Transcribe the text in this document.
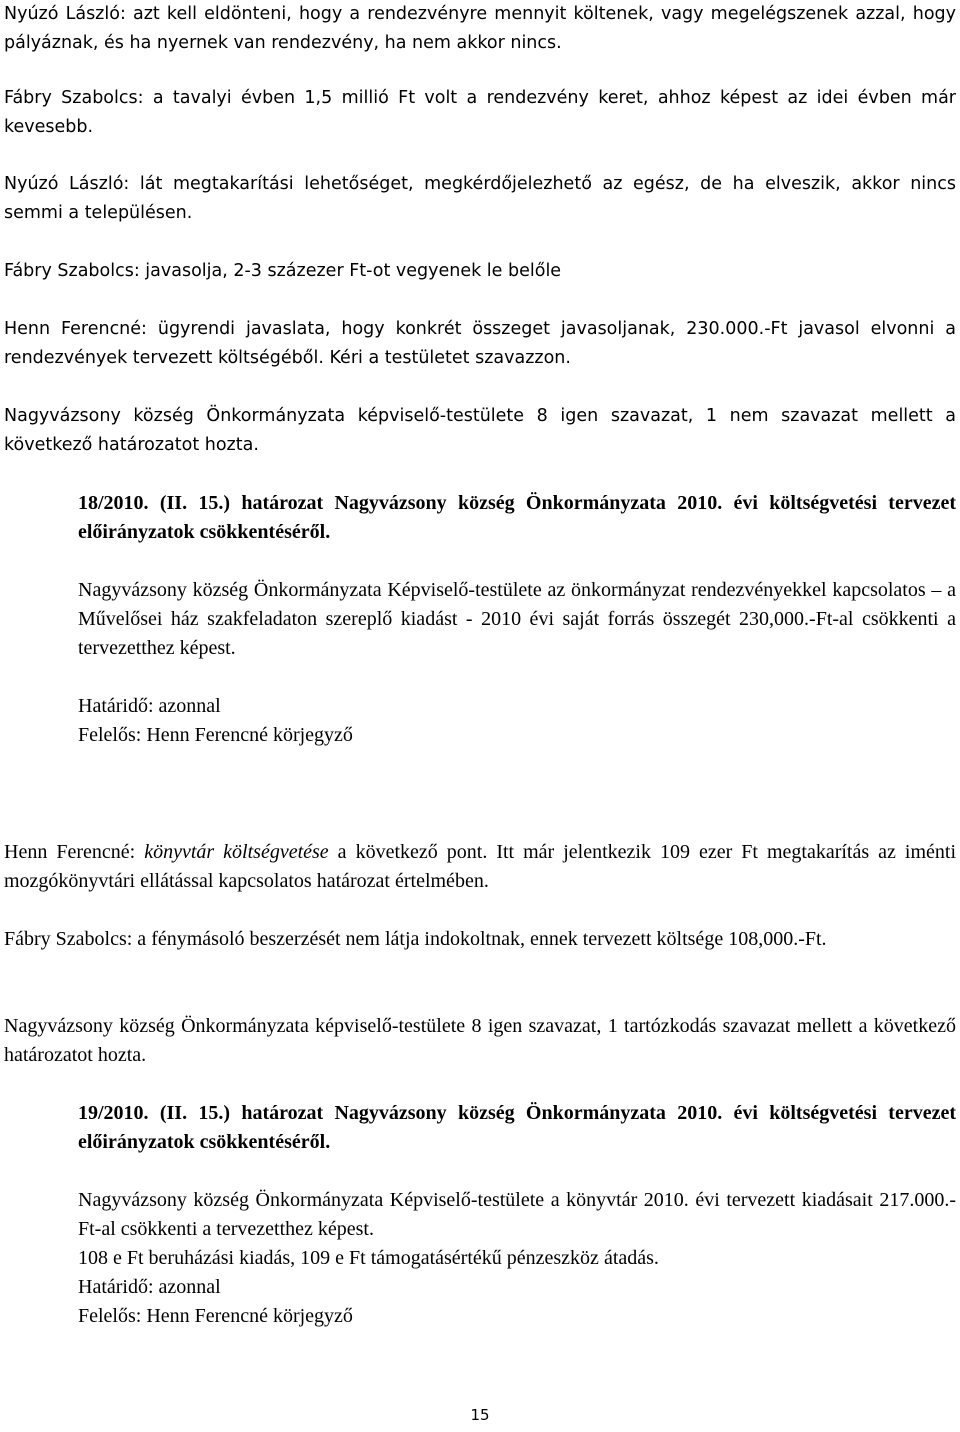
Nyúzó László: azt kell eldönteni, hogy a rendezvényre mennyit költenek, vagy megelégszenek azzal, hogy pályáznak, és ha nyernek van rendezvény, ha nem akkor nincs.

Fábry Szabolcs: a tavalyi évben 1,5 millió Ft volt a rendezvény keret, ahhoz képest az idei évben már kevesebb.

Nyúzó László: lát megtakarítási lehetőséget, megkérdőjelezhető az egész, de ha elveszik, akkor nincs semmi a településen.

Fábry Szabolcs: javasolja, 2-3 százezer Ft-ot vegyenek le belőle

Henn Ferencné: ügyrendi javaslata, hogy konkrét összeget javasoljanak, 230.000.-Ft javasol elvonni a rendezvények tervezett költségéből. Kéri a testületet szavazzon.

Nagyvázsony község Önkormányzata képviselő-testülete 8 igen szavazat, 1 nem szavazat mellett a következő határozatot hozta.

18/2010. (II. 15.) határozat Nagyvázsony község Önkormányzata 2010. évi költségvetési tervezet előirányzatok csökkentéséről.

Nagyvázsony község Önkormányzata Képviselő-testülete az önkormányzat rendezvényekkel kapcsolatos – a Művelősei ház szakfeladaton szereplő kiadást - 2010 évi saját forrás összegét 230,000.-Ft-al csökkenti a tervezetthez képest.

Határidő: azonnal
Felelős: Henn Ferencné körjegyző

Henn Ferencné: könyvtár költségvetése a következő pont. Itt már jelentkezik 109 ezer Ft megtakarítás az iménti mozgókönyvtári ellátással kapcsolatos határozat értelmében.

Fábry Szabolcs: a fénymásoló beszerzését nem látja indokoltnak, ennek tervezett költsége 108,000.-Ft.

Nagyvázsony község Önkormányzata képviselő-testülete 8 igen szavazat, 1 tartózkodás szavazat mellett a következő határozatot hozta.

19/2010. (II. 15.) határozat Nagyvázsony község Önkormányzata 2010. évi költségvetési tervezet előirányzatok csökkentéséről.

Nagyvázsony község Önkormányzata Képviselő-testülete a könyvtár 2010. évi tervezett kiadásait 217.000.-Ft-al csökkenti a tervezetthez képest.

108 e Ft beruházási kiadás, 109 e Ft támogatásértékű pénzeszköz átadás.
Határidő: azonnal
Felelős: Henn Ferencné körjegyző
15
